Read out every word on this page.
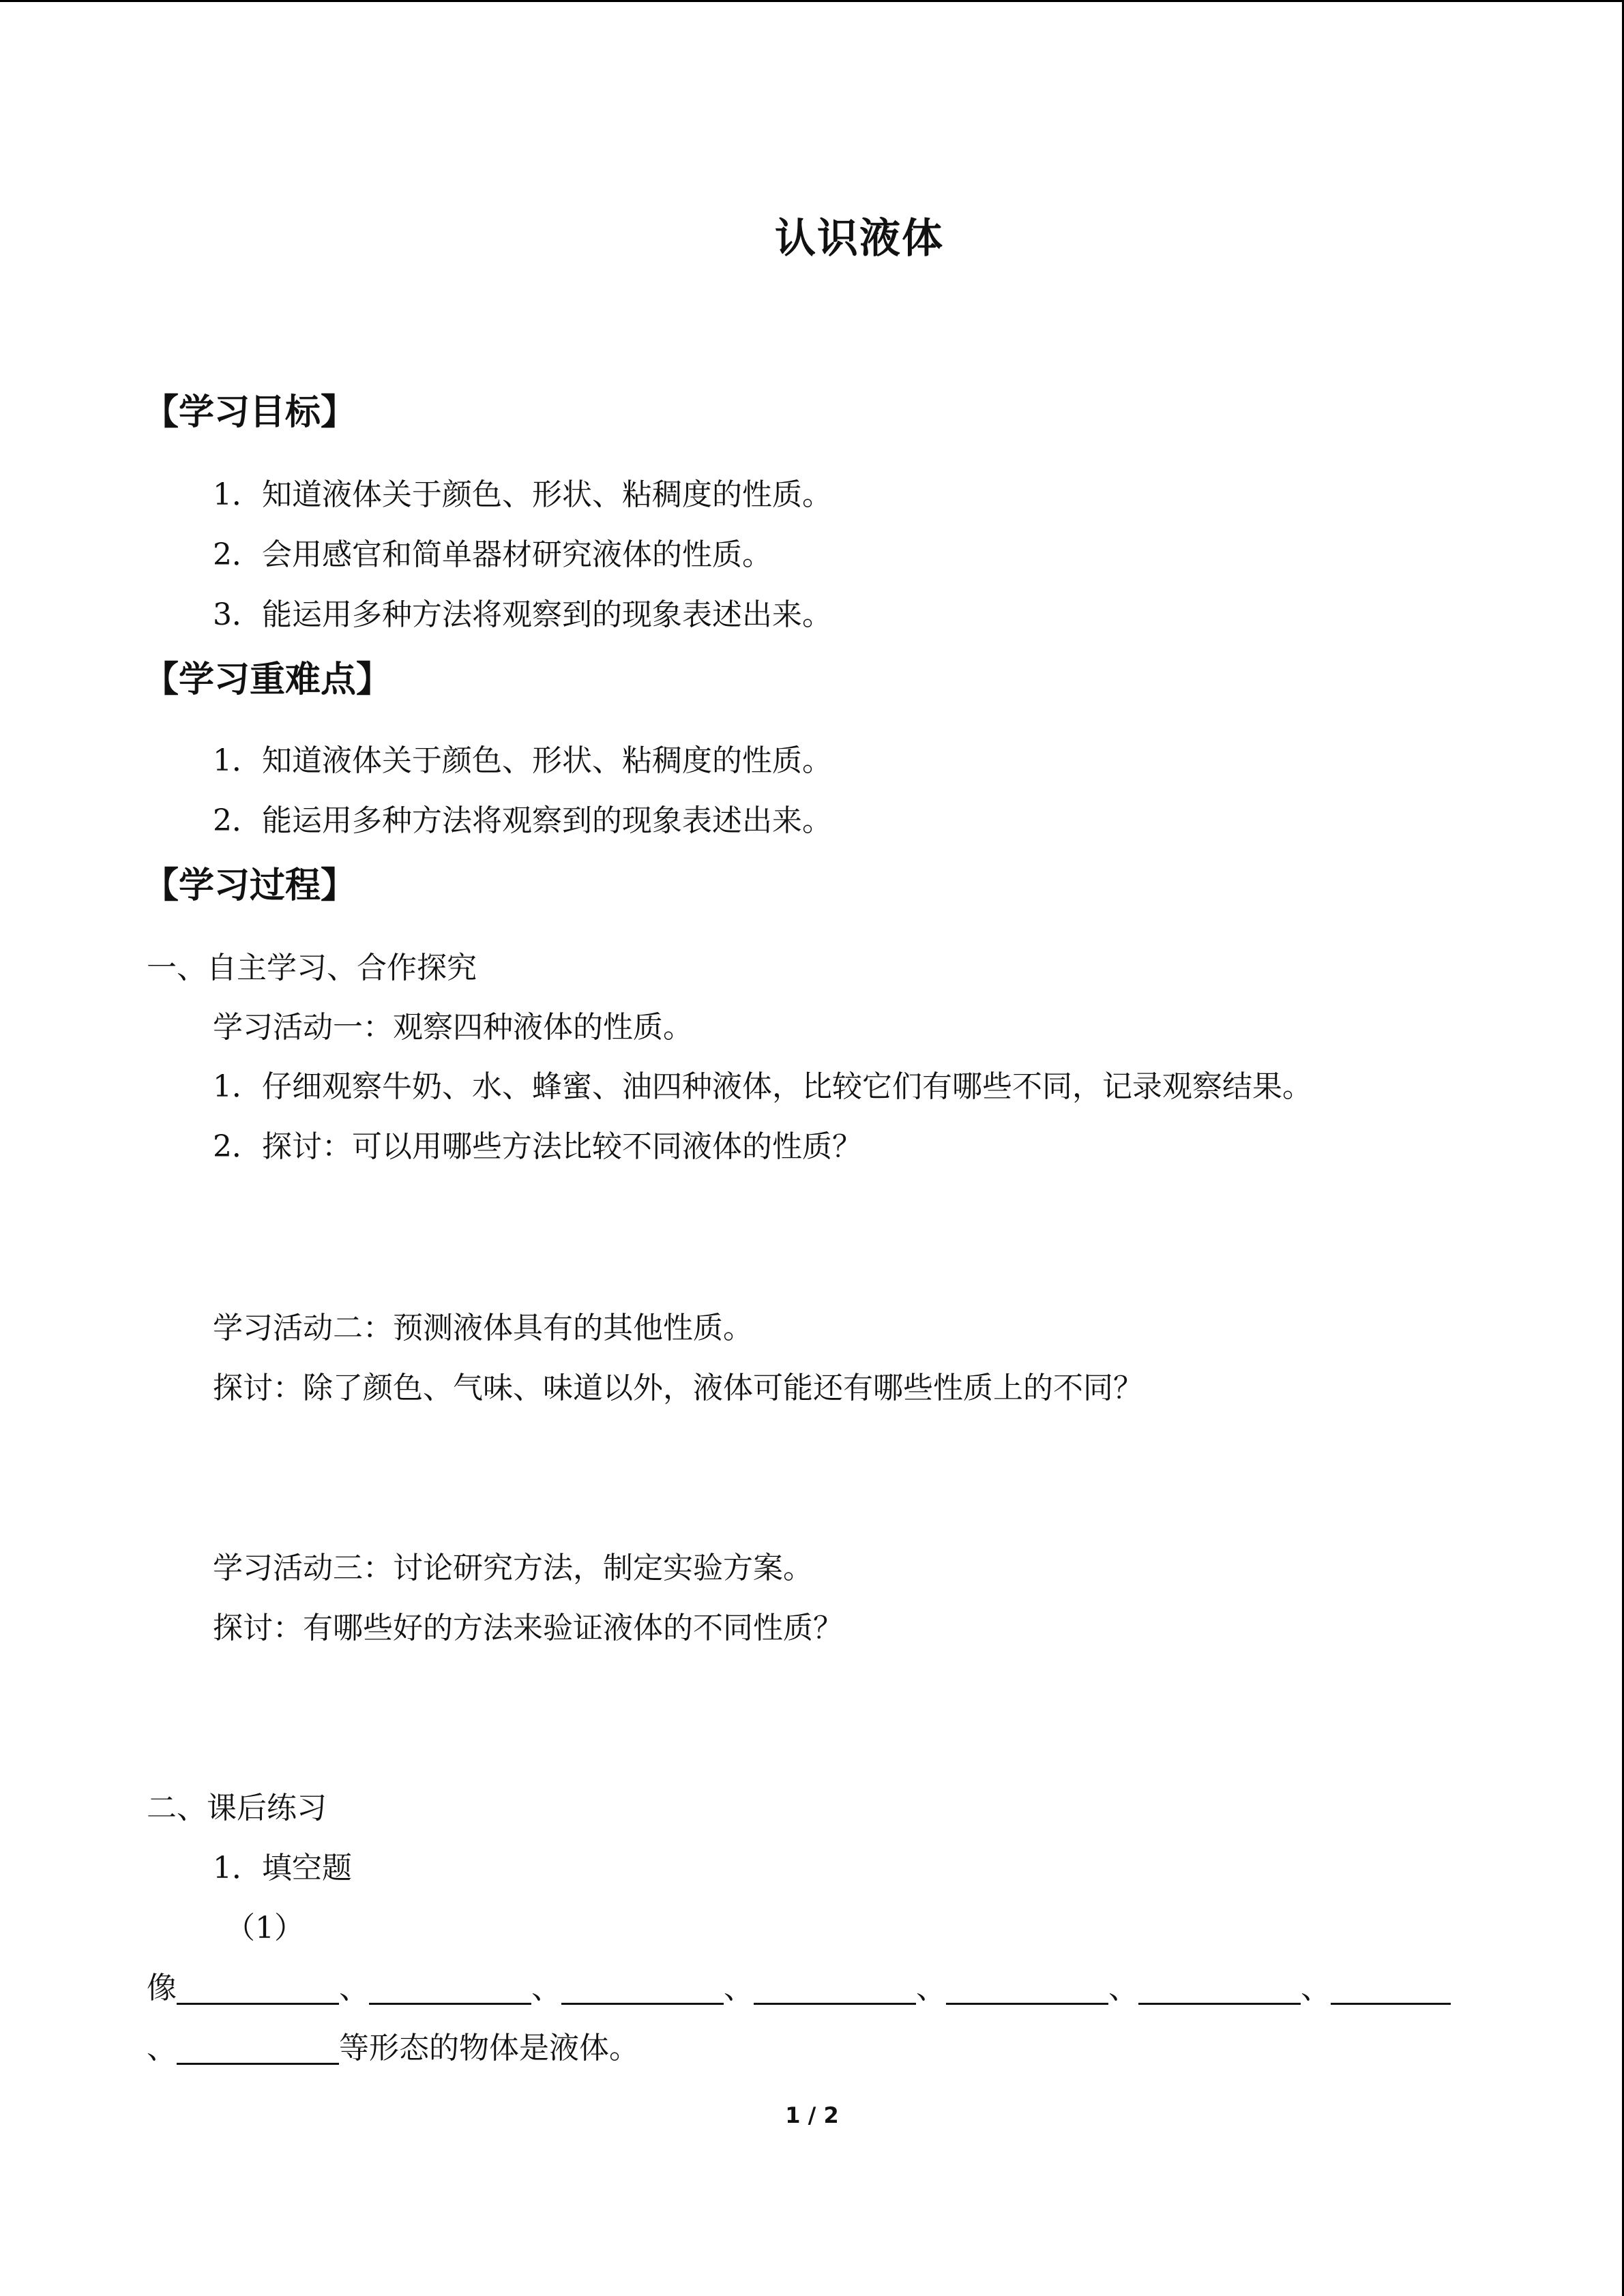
认识液体
【学习目标】
1．知道液体关于颜色、形状、粘稠度的性质。
2．会用感官和简单器材研究液体的性质。
3．能运用多种方法将观察到的现象表述出来。
【学习重难点】
1．知道液体关于颜色、形状、粘稠度的性质。
2．能运用多种方法将观察到的现象表述出来。
【学习过程】
一、自主学习、合作探究
学习活动一：观察四种液体的性质。
1．仔细观察牛奶、水、蜂蜜、油四种液体，比较它们有哪些不同，记录观察结果。
2．探讨：可以用哪些方法比较不同液体的性质？
学习活动二：预测液体具有的其他性质。
探讨：除了颜色、气味、味道以外，液体可能还有哪些性质上的不同？
学习活动三：讨论研究方法，制定实验方案。
探讨：有哪些好的方法来验证液体的不同性质？
二、课后练习
1．填空题
（1）
像	、	、	、	、	、	、
、	等形态的物体是液体。
1 / 2
